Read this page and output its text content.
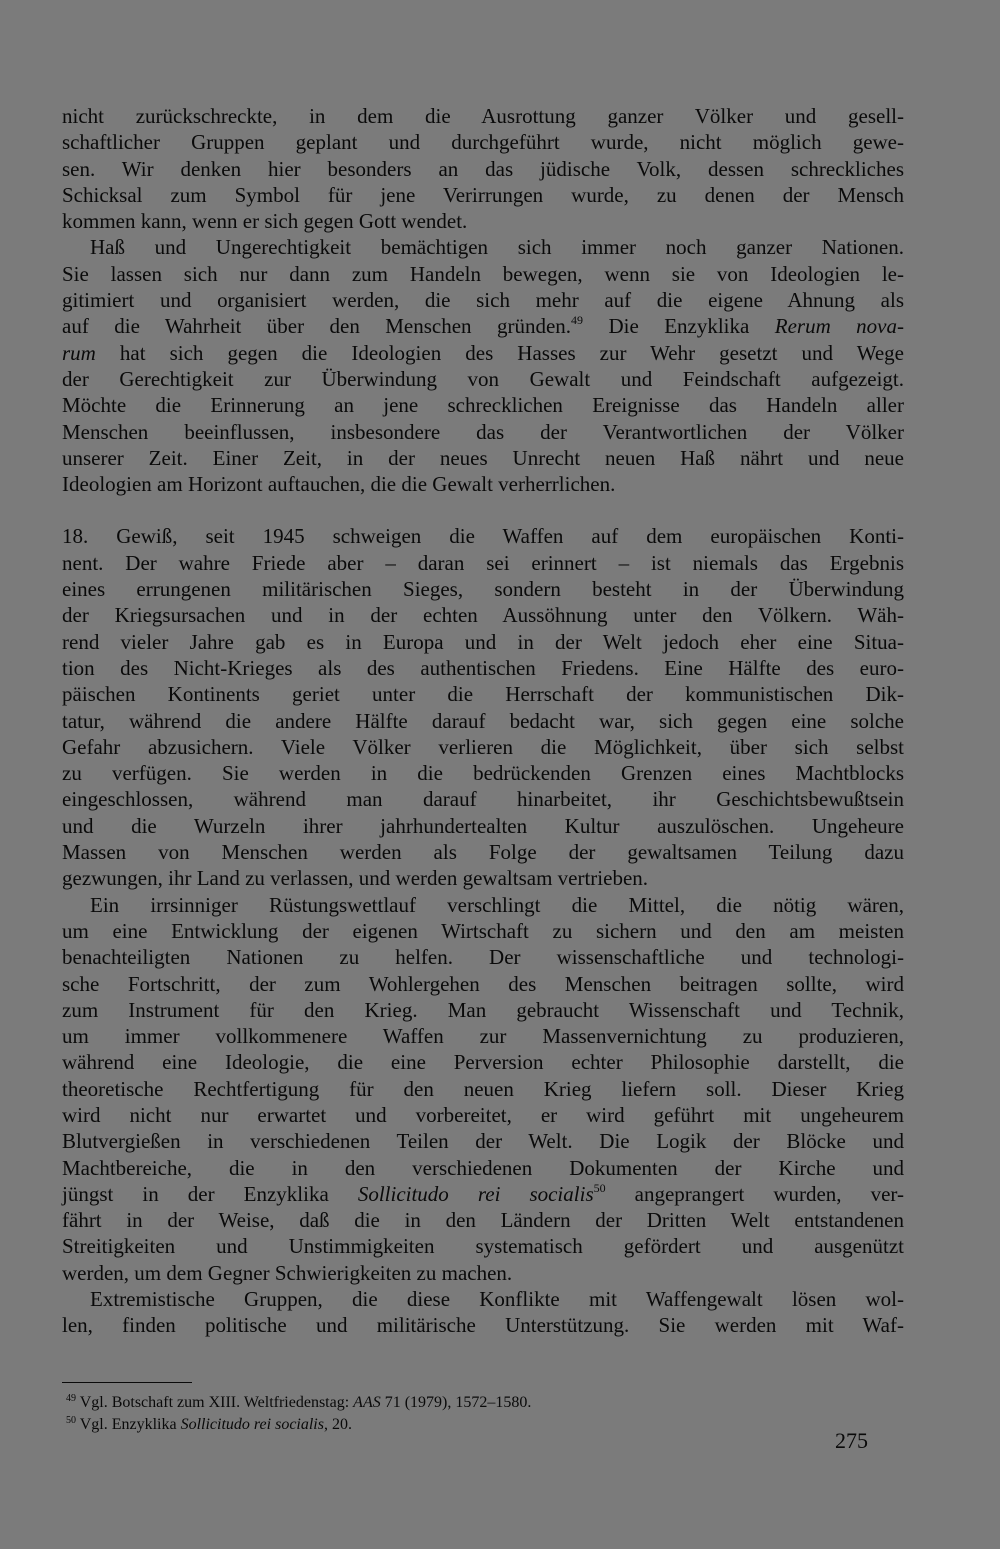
nicht zurückschreckte, in dem die Ausrottung ganzer Völker und gesell-
schaftlicher Gruppen geplant und durchgeführt wurde, nicht möglich gewe-
sen. Wir denken hier besonders an das jüdische Volk, dessen schreckliches
Schicksal zum Symbol für jene Verirrungen wurde, zu denen der Mensch
kommen kann, wenn er sich gegen Gott wendet.
Haß und Ungerechtigkeit bemächtigen sich immer noch ganzer Nationen.
Sie lassen sich nur dann zum Handeln bewegen, wenn sie von Ideologien le-
gitimiert und organisiert werden, die sich mehr auf die eigene Ahnung als
auf die Wahrheit über den Menschen gründen.$^{49}$ Die Enzyklika Rerum nova-
rum hat sich gegen die Ideologien des Hasses zur Wehr gesetzt und Wege
der Gerechtigkeit zur Überwindung von Gewalt und Feindschaft aufgezeigt.
Möchte die Erinnerung an jene schrecklichen Ereignisse das Handeln aller
Menschen beeinflussen, insbesondere das der Verantwortlichen der Völker
unserer Zeit. Einer Zeit, in der neues Unrecht neuen Haß nährt und neue
Ideologien am Horizont auftauchen, die die Gewalt verherrlichen.
18. Gewiß, seit 1945 schweigen die Waffen auf dem europäischen Konti-
nent. Der wahre Friede aber – daran sei erinnert – ist niemals das Ergebnis
eines errungenen militärischen Sieges, sondern besteht in der Überwindung
der Kriegsursachen und in der echten Aussöhnung unter den Völkern. Wäh-
rend vieler Jahre gab es in Europa und in der Welt jedoch eher eine Situa-
tion des Nicht-Krieges als des authentischen Friedens. Eine Hälfte des euro-
päischen Kontinents geriet unter die Herrschaft der kommunistischen Dik-
tatur, während die andere Hälfte darauf bedacht war, sich gegen eine solche
Gefahr abzusichern. Viele Völker verlieren die Möglichkeit, über sich selbst
zu verfügen. Sie werden in die bedrückenden Grenzen eines Machtblocks
eingeschlossen, während man darauf hinarbeitet, ihr Geschichtsbewußtsein
und die Wurzeln ihrer jahrhundertealten Kultur auszulöschen. Ungeheure
Massen von Menschen werden als Folge der gewaltsamen Teilung dazu
gezwungen, ihr Land zu verlassen, und werden gewaltsam vertrieben.
Ein irrsinniger Rüstungswettlauf verschlingt die Mittel, die nötig wären,
um eine Entwicklung der eigenen Wirtschaft zu sichern und den am meisten
benachteiligten Nationen zu helfen. Der wissenschaftliche und technologi-
sche Fortschritt, der zum Wohlergehen des Menschen beitragen sollte, wird
zum Instrument für den Krieg. Man gebraucht Wissenschaft und Technik,
um immer vollkommenere Waffen zur Massenvernichtung zu produzieren,
während eine Ideologie, die eine Perversion echter Philosophie darstellt, die
theoretische Rechtfertigung für den neuen Krieg liefern soll. Dieser Krieg
wird nicht nur erwartet und vorbereitet, er wird geführt mit ungeheurem
Blutvergießen in verschiedenen Teilen der Welt. Die Logik der Blöcke und
Machtbereiche, die in den verschiedenen Dokumenten der Kirche und
jüngst in der Enzyklika Sollicitudo rei socialis$^{50}$ angeprangert wurden, ver-
fährt in der Weise, daß die in den Ländern der Dritten Welt entstandenen
Streitigkeiten und Unstimmigkeiten systematisch gefördert und ausgenützt
werden, um dem Gegner Schwierigkeiten zu machen.
Extremistische Gruppen, die diese Konflikte mit Waffengewalt lösen wol-
len, finden politische und militärische Unterstützung. Sie werden mit Waf-
$^{49}$ Vgl. Botschaft zum XIII. Weltfriedenstag: AAS 71 (1979), 1572–1580.
$^{50}$ Vgl. Enzyklika Sollicitudo rei socialis, 20.
275
